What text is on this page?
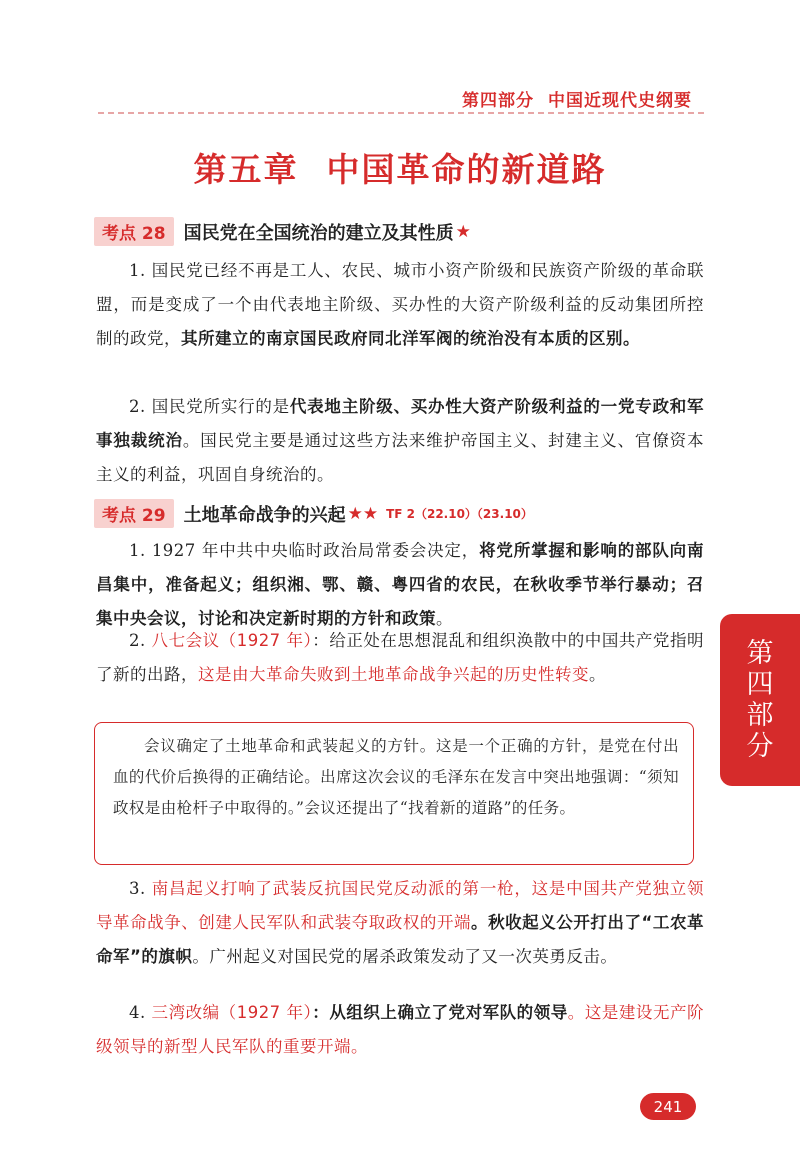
第四部分 中国近现代史纲要
第五章 中国革命的新道路
考点 28	国民党在全国统治的建立及其性质 ★

1. 国民党已经不再是工人、农民、城市小资产阶级和民族资产阶级的革命联盟，而是变成了一个由代表地主阶级、买办性的大资产阶级利益的反动集团所控制的政党，其所建立的南京国民政府同北洋军阀的统治没有本质的区别。

2. 国民党所实行的是代表地主阶级、买办性大资产阶级利益的一党专政和军事独裁统治。国民党主要是通过这些方法来维护帝国主义、封建主义、官僚资本主义的利益，巩固自身统治的。

考点 29	土地革命战争的兴起 ★★ TF 2（22.10）（23.10）

1. 1927 年中共中央临时政治局常委会决定，将党所掌握和影响的部队向南昌集中，准备起义；组织湘、鄂、赣、粤四省的农民，在秋收季节举行暴动；召集中央会议，讨论和决定新时期的方针和政策。

2. 八七会议（1927 年）：给正处在思想混乱和组织涣散中的中国共产党指明了新的出路，这是由大革命失败到土地革命战争兴起的历史性转变。

会议确定了土地革命和武装起义的方针。这是一个正确的方针，是党在付出血的代价后换得的正确结论。出席这次会议的毛泽东在发言中突出地强调：“须知政权是由枪杆子中取得的。”会议还提出了“找着新的道路”的任务。

3. 南昌起义打响了武装反抗国民党反动派的第一枪，这是中国共产党独立领导革命战争、创建人民军队和武装夺取政权的开端。秋收起义公开打出了“工农革命军”的旗帜。广州起义对国民党的屠杀政策发动了又一次英勇反击。

4. 三湾改编（1927 年）：从组织上确立了党对军队的领导。这是建设无产阶级领导的新型人民军队的重要开端。

第四部分
241
